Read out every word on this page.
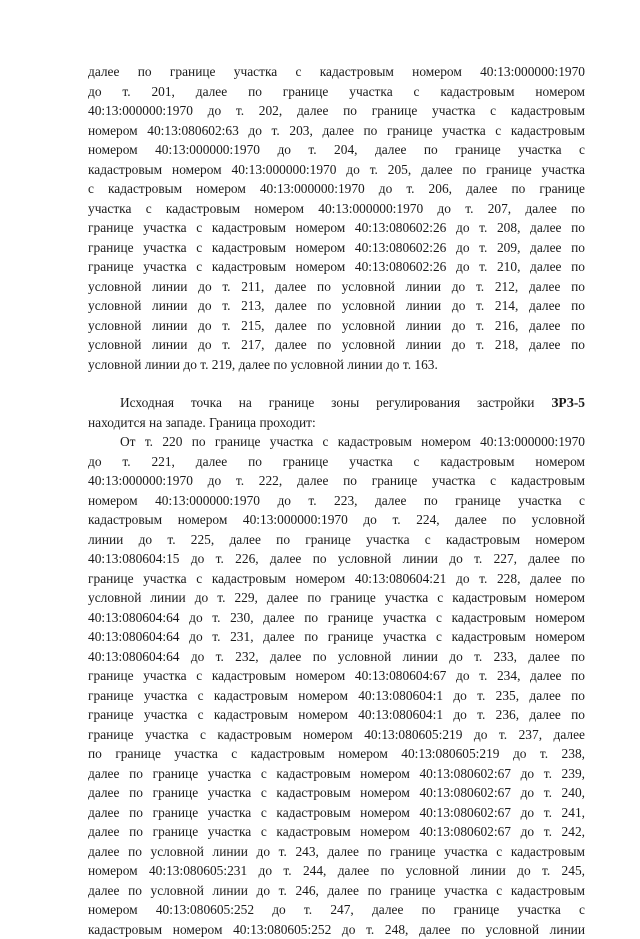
далее по границе участка с кадастровым номером 40:13:000000:1970
до т. 201, далее по границе участка с кадастровым номером
40:13:000000:1970 до т. 202, далее по границе участка с кадастровым
номером 40:13:080602:63 до т. 203, далее по границе участка с кадастровым
номером 40:13:000000:1970 до т. 204, далее по границе участка с
кадастровым номером 40:13:000000:1970 до т. 205, далее по границе участка
с кадастровым номером 40:13:000000:1970 до т. 206, далее по границе
участка с кадастровым номером 40:13:000000:1970 до т. 207, далее по
границе участка с кадастровым номером 40:13:080602:26 до т. 208, далее по
границе участка с кадастровым номером 40:13:080602:26 до т. 209, далее по
границе участка с кадастровым номером 40:13:080602:26 до т. 210, далее по
условной линии до т. 211, далее по условной линии до т. 212, далее по
условной линии до т. 213, далее по условной линии до т. 214, далее по
условной линии до т. 215, далее по условной линии до т. 216, далее по
условной линии до т. 217, далее по условной линии до т. 218, далее по
условной линии до т. 219, далее по условной линии до т. 163.
Исходная точка на границе зоны регулирования застройки ЗРЗ-5
находится на западе. Граница проходит:
От т. 220 по границе участка с кадастровым номером 40:13:000000:1970
до т. 221, далее по границе участка с кадастровым номером
40:13:000000:1970 до т. 222, далее по границе участка с кадастровым
номером 40:13:000000:1970 до т. 223, далее по границе участка с
кадастровым номером 40:13:000000:1970 до т. 224, далее по условной
линии до т. 225, далее по границе участка с кадастровым номером
40:13:080604:15 до т. 226, далее по условной линии до т. 227, далее по
границе участка с кадастровым номером 40:13:080604:21 до т. 228, далее по
условной линии до т. 229, далее по границе участка с кадастровым номером
40:13:080604:64 до т. 230, далее по границе участка с кадастровым номером
40:13:080604:64 до т. 231, далее по границе участка с кадастровым номером
40:13:080604:64 до т. 232, далее по условной линии до т. 233, далее по
границе участка с кадастровым номером 40:13:080604:67 до т. 234, далее по
границе участка с кадастровым номером 40:13:080604:1 до т. 235, далее по
границе участка с кадастровым номером 40:13:080604:1 до т. 236, далее по
границе участка с кадастровым номером 40:13:080605:219 до т. 237, далее
по границе участка с кадастровым номером 40:13:080605:219 до т. 238,
далее по границе участка с кадастровым номером 40:13:080602:67 до т. 239,
далее по границе участка с кадастровым номером 40:13:080602:67 до т. 240,
далее по границе участка с кадастровым номером 40:13:080602:67 до т. 241,
далее по границе участка с кадастровым номером 40:13:080602:67 до т. 242,
далее по условной линии до т. 243, далее по границе участка с кадастровым
номером 40:13:080605:231 до т. 244, далее по условной линии до т. 245,
далее по условной линии до т. 246, далее по границе участка с кадастровым
номером 40:13:080605:252 до т. 247, далее по границе участка с
кадастровым номером 40:13:080605:252 до т. 248, далее по условной линии
